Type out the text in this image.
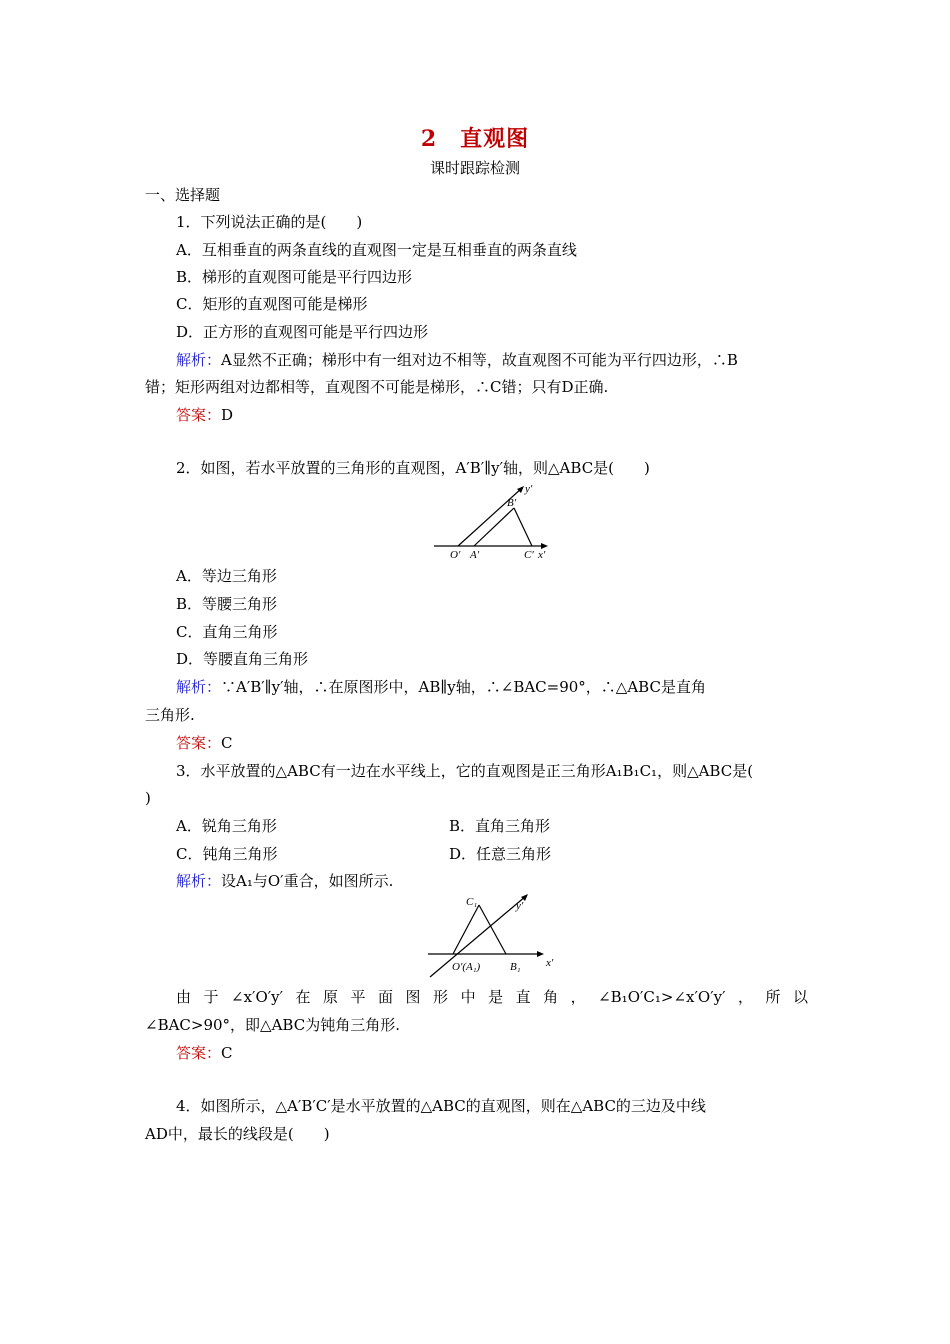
2　直观图
课时跟踪检测
一、选择题
1．下列说法正确的是(　　)
A．互相垂直的两条直线的直观图一定是互相垂直的两条直线
B．梯形的直观图可能是平行四边形
C．矩形的直观图可能是梯形
D．正方形的直观图可能是平行四边形
解析：A显然不正确；梯形中有一组对边不相等，故直观图不可能为平行四边形，∴B
错；矩形两组对边都相等，直观图不可能是梯形，∴C错；只有D正确.
答案：D
2．如图，若水平放置的三角形的直观图，A′B′∥y′轴，则△ABC是(　　)
y′
B′
O′ A′	C′ x′
A．等边三角形
B．等腰三角形
C．直角三角形
D．等腰直角三角形
解析：∵A′B′∥y′轴，∴在原图形中，AB∥y轴，∴∠BAC=90°，∴△ABC是直角
三角形.
答案：C
3．水平放置的△ABC有一边在水平线上，它的直观图是正三角形A₁B₁C₁，则△ABC是(
)
A．锐角三角形	B．直角三角形
C．钝角三角形	D．任意三角形
解析：设A₁与O′重合，如图所示.
C₁	y′
O′(A₁)	B₁ x′
由于∠x′O′y′在原平面图形中是直角，∠B₁O′C₁>∠x′O′y′，所以
∠BAC>90°，即△ABC为钝角三角形.
答案：C
4．如图所示，△A′B′C′是水平放置的△ABC的直观图，则在△ABC的三边及中线
AD中，最长的线段是(　　)
